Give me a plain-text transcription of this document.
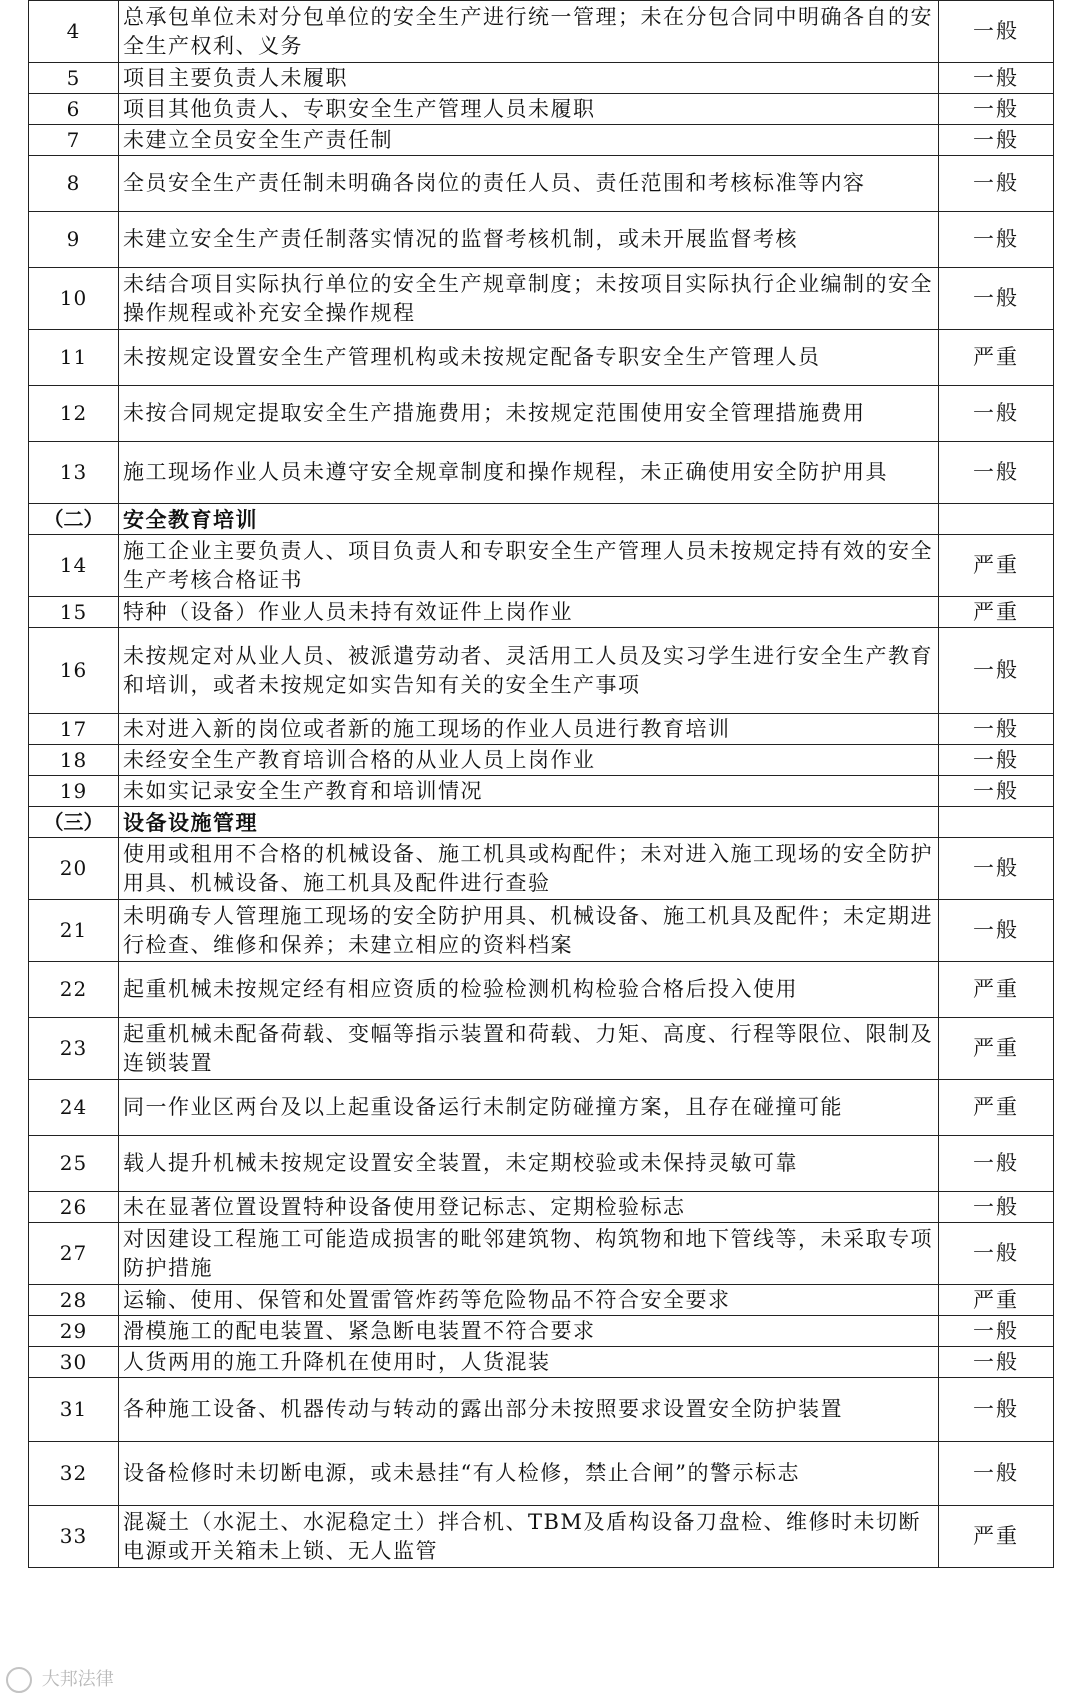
4	总承包单位未对分包单位的安全生产进行统一管理；未在分包合同中明确各自的安全生产权利、义务	一般
5	项目主要负责人未履职	一般
6	项目其他负责人、专职安全生产管理人员未履职	一般
7	未建立全员安全生产责任制	一般
8	全员安全生产责任制未明确各岗位的责任人员、责任范围和考核标准等内容	一般
9	未建立安全生产责任制落实情况的监督考核机制，或未开展监督考核	一般
10	未结合项目实际执行单位的安全生产规章制度；未按项目实际执行企业编制的安全操作规程或补充安全操作规程	一般
11	未按规定设置安全生产管理机构或未按规定配备专职安全生产管理人员	严重
12	未按合同规定提取安全生产措施费用；未按规定范围使用安全管理措施费用	一般
13	施工现场作业人员未遵守安全规章制度和操作规程，未正确使用安全防护用具	一般
（二）	安全教育培训	
14	施工企业主要负责人、项目负责人和专职安全生产管理人员未按规定持有效的安全生产考核合格证书	严重
15	特种（设备）作业人员未持有效证件上岗作业	严重
16	未按规定对从业人员、被派遣劳动者、灵活用工人员及实习学生进行安全生产教育和培训，或者未按规定如实告知有关的安全生产事项	一般
17	未对进入新的岗位或者新的施工现场的作业人员进行教育培训	一般
18	未经安全生产教育培训合格的从业人员上岗作业	一般
19	未如实记录安全生产教育和培训情况	一般
（三）	设备设施管理	
20	使用或租用不合格的机械设备、施工机具或构配件；未对进入施工现场的安全防护用具、机械设备、施工机具及配件进行查验	一般
21	未明确专人管理施工现场的安全防护用具、机械设备、施工机具及配件；未定期进行检查、维修和保养；未建立相应的资料档案	一般
22	起重机械未按规定经有相应资质的检验检测机构检验合格后投入使用	严重
23	起重机械未配备荷载、变幅等指示装置和荷载、力矩、高度、行程等限位、限制及连锁装置	严重
24	同一作业区两台及以上起重设备运行未制定防碰撞方案，且存在碰撞可能	严重
25	载人提升机械未按规定设置安全装置，未定期校验或未保持灵敏可靠	一般
26	未在显著位置设置特种设备使用登记标志、定期检验标志	一般
27	对因建设工程施工可能造成损害的毗邻建筑物、构筑物和地下管线等，未采取专项防护措施	一般
28	运输、使用、保管和处置雷管炸药等危险物品不符合安全要求	严重
29	滑模施工的配电装置、紧急断电装置不符合要求	一般
30	人货两用的施工升降机在使用时，人货混装	一般
31	各种施工设备、机器传动与转动的露出部分未按照要求设置安全防护装置	一般
32	设备检修时未切断电源，或未悬挂“有人检修，禁止合闸”的警示标志	一般
33	混凝土（水泥土、水泥稳定土）拌合机、TBM及盾构设备刀盘检、维修时未切断电源或开关箱未上锁、无人监管	严重
大邦法律
